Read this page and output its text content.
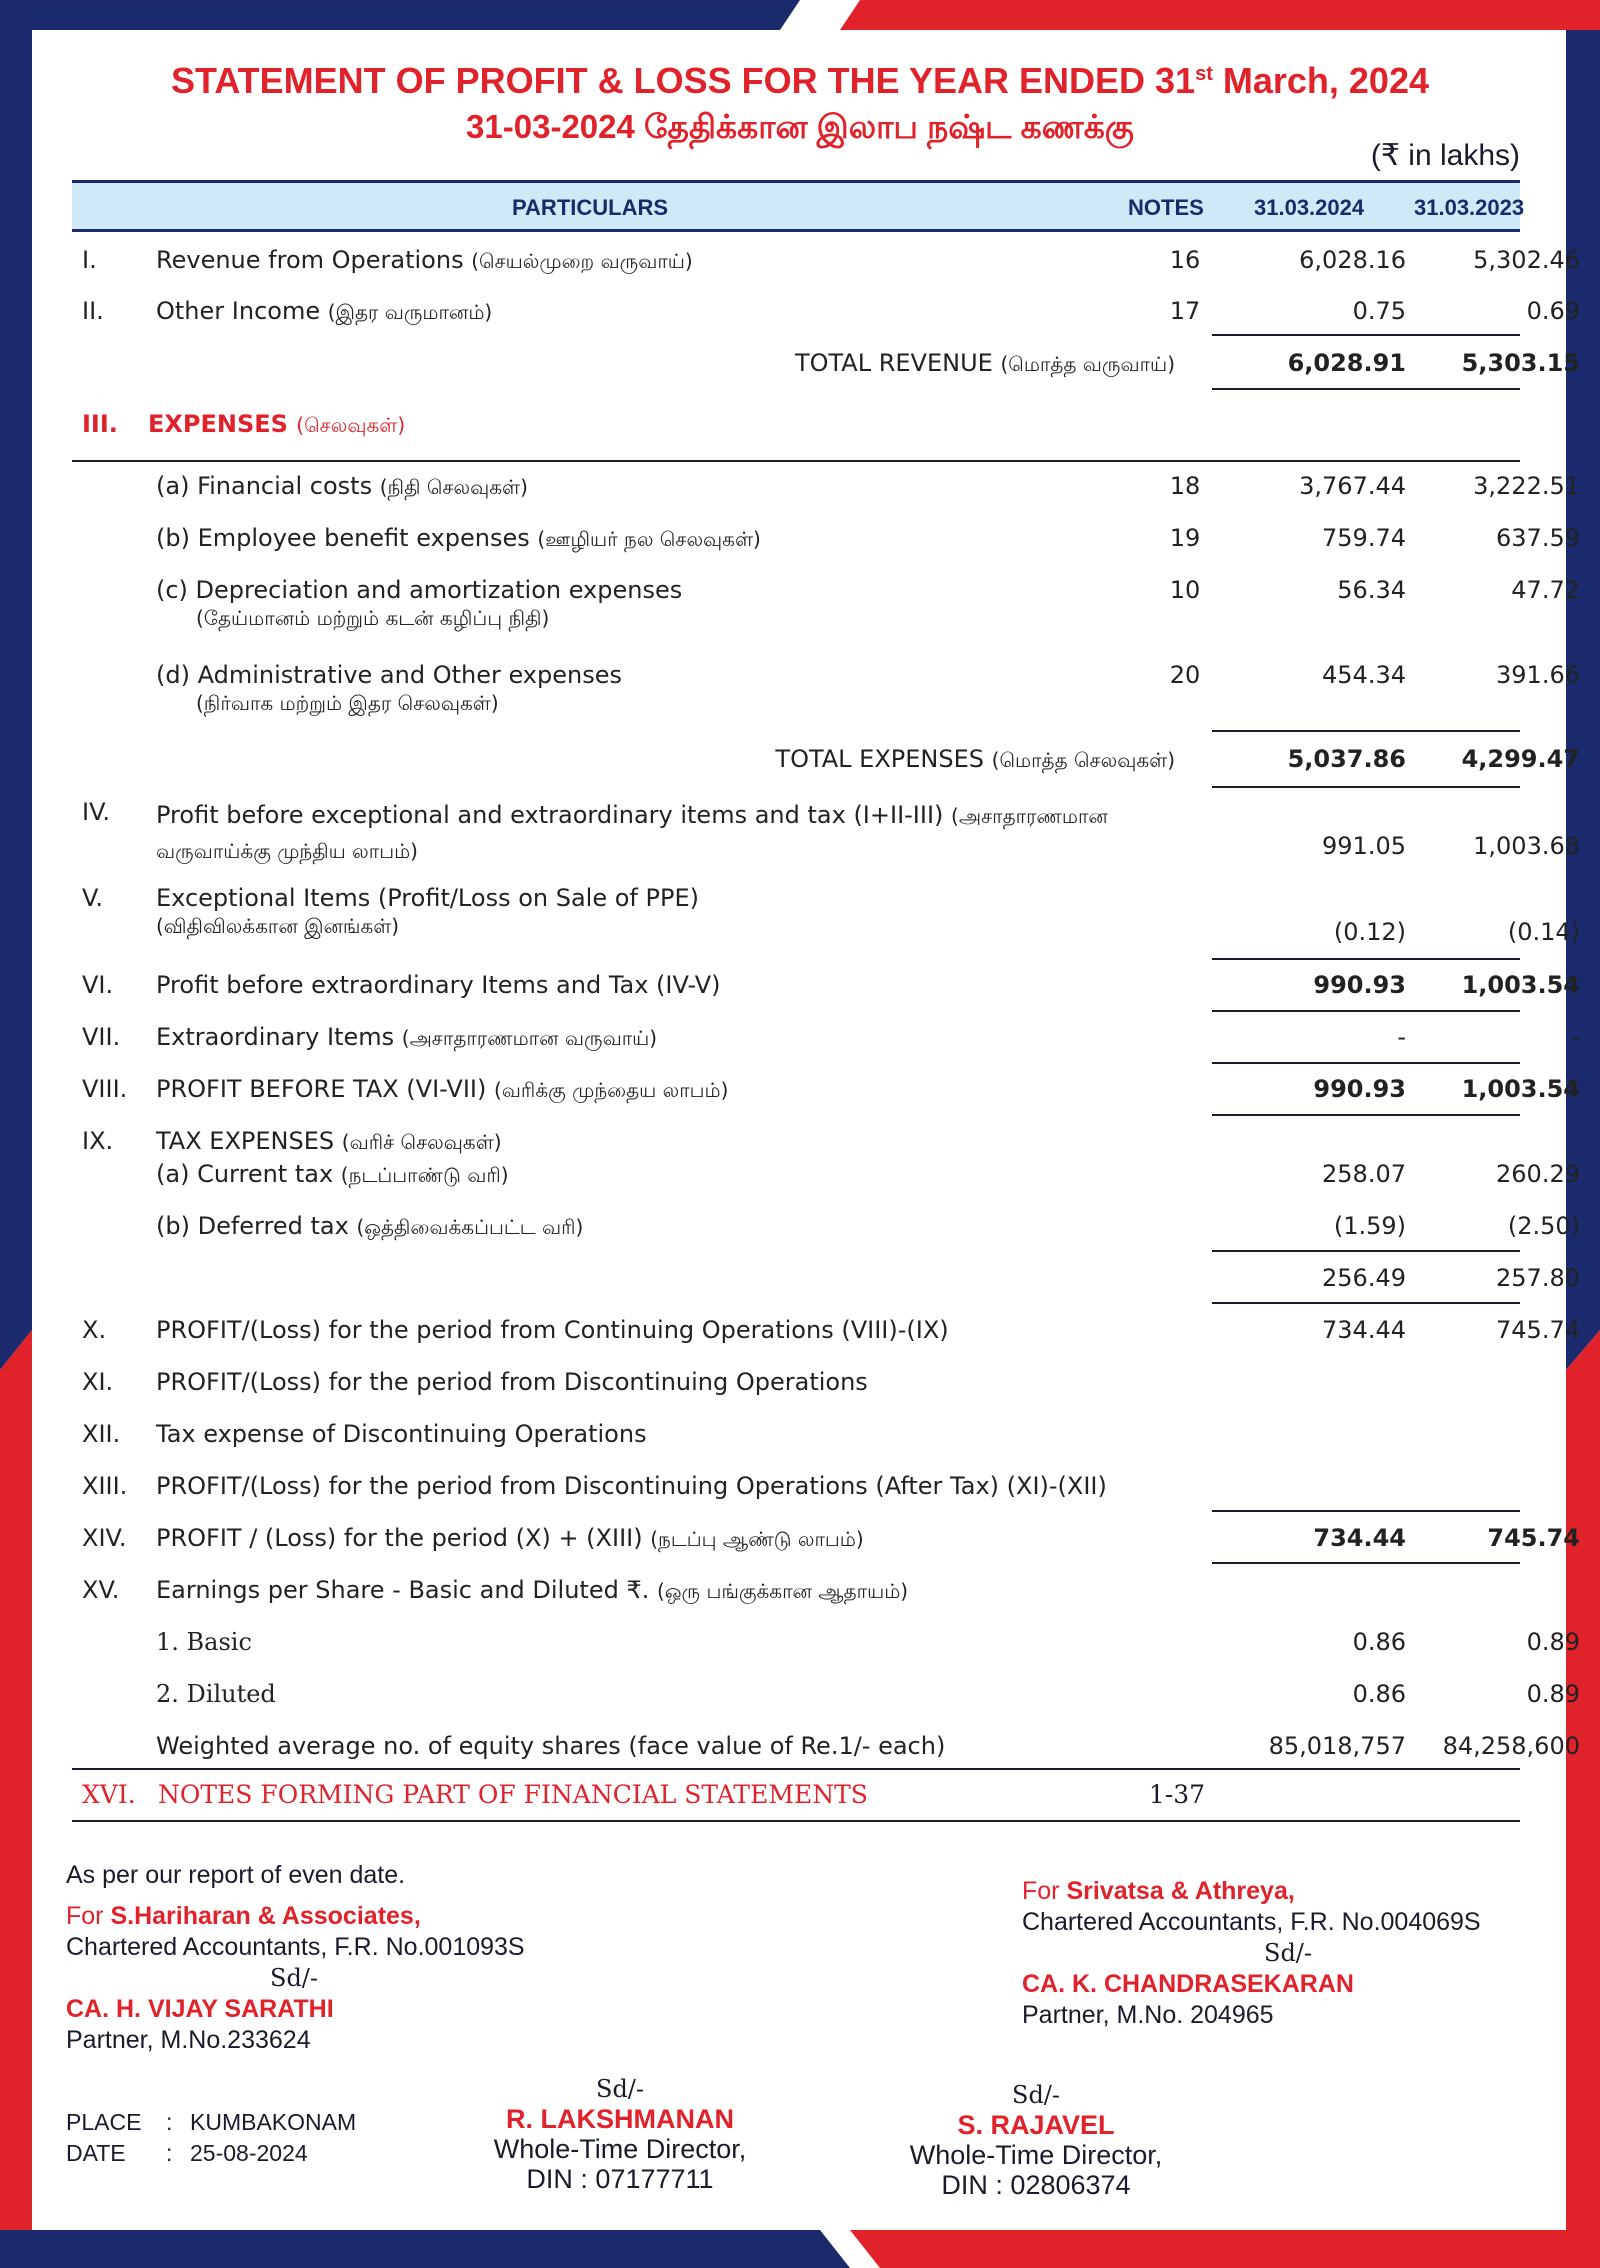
STATEMENT OF PROFIT & LOSS FOR THE YEAR ENDED 31st March, 2024
31-03-2024 தேதிக்கான இலாப நஷ்ட கணக்கு
(₹ in lakhs)
PARTICULARS	NOTES 31.03.2024 31.03.2023
I. Revenue from Operations (செயல்முறை வருவாய்)	16	6,028.16	5,302.46
II. Other Income (இதர வருமானம்)	17	0.75	0.69
TOTAL REVENUE (மொத்த வருவாய்)	6,028.91	5,303.15
III. EXPENSES (செலவுகள்)
(a) Financial costs (நிதி செலவுகள்)	18	3,767.44	3,222.51
(b) Employee benefit expenses (ஊழியர் நல செலவுகள்)	19	759.74	637.59
(c) Depreciation and amortization expenses
(தேய்மானம் மற்றும் கடன் கழிப்பு நிதி)
10	56.34	47.72
(d) Administrative and Other expenses
(நிர்வாக மற்றும் இதர செலவுகள்)
20	454.34	391.66
TOTAL EXPENSES (மொத்த செலவுகள்)	5,037.86	4,299.47
IV. Profit before exceptional and extraordinary items and tax (I+II-III) (அசாதாரணமான வருவாய்க்கு முந்திய லாபம்)	991.05	1,003.68
V. Exceptional Items (Profit/Loss on Sale of PPE)
(விதிவிலக்கான இனங்கள்)	(0.12)	(0.14)
VI. Profit before extraordinary Items and Tax (IV-V)	990.93	1,003.54
VII. Extraordinary Items (அசாதாரணமான வருவாய்)	-	-
VIII. PROFIT BEFORE TAX (VI-VII) (வரிக்கு முந்தைய லாபம்)	990.93	1,003.54
IX. TAX EXPENSES (வரிச் செலவுகள்)
(a) Current tax (நடப்பாண்டு வரி)	258.07	260.29
(b) Deferred tax (ஒத்திவைக்கப்பட்ட வரி)	(1.59)	(2.50)
256.49	257.80
X. PROFIT/(Loss) for the period from Continuing Operations (VIII)-(IX)	734.44	745.74
XI. PROFIT/(Loss) for the period from Discontinuing Operations
XII. Tax expense of Discontinuing Operations
XIII. PROFIT/(Loss) for the period from Discontinuing Operations (After Tax) (XI)-(XII)
XIV. PROFIT / (Loss) for the period (X) + (XIII) (நடப்பு ஆண்டு லாபம்)	734.44	745.74
XV. Earnings per Share - Basic and Diluted ₹. (ஒரு பங்குக்கான ஆதாயம்)
1. Basic	0.86	0.89
2. Diluted	0.86	0.89
Weighted average no. of equity shares (face value of Re.1/- each)	85,018,757	84,258,600
XVI. NOTES FORMING PART OF FINANCIAL STATEMENTS	1-37
As per our report of even date.
For S.Hariharan & Associates,
Chartered Accountants, F.R. No.001093S
Sd/-
CA. H. VIJAY SARATHI
Partner, M.No.233624
For Srivatsa & Athreya,
Chartered Accountants, F.R. No.004069S
Sd/-
CA. K. CHANDRASEKARAN
Partner, M.No. 204965
PLACE : KUMBAKONAM
DATE : 25-08-2024
Sd/-
R. LAKSHMANAN
Whole-Time Director,
DIN : 07177711
Sd/-
S. RAJAVEL
Whole-Time Director,
DIN : 02806374
